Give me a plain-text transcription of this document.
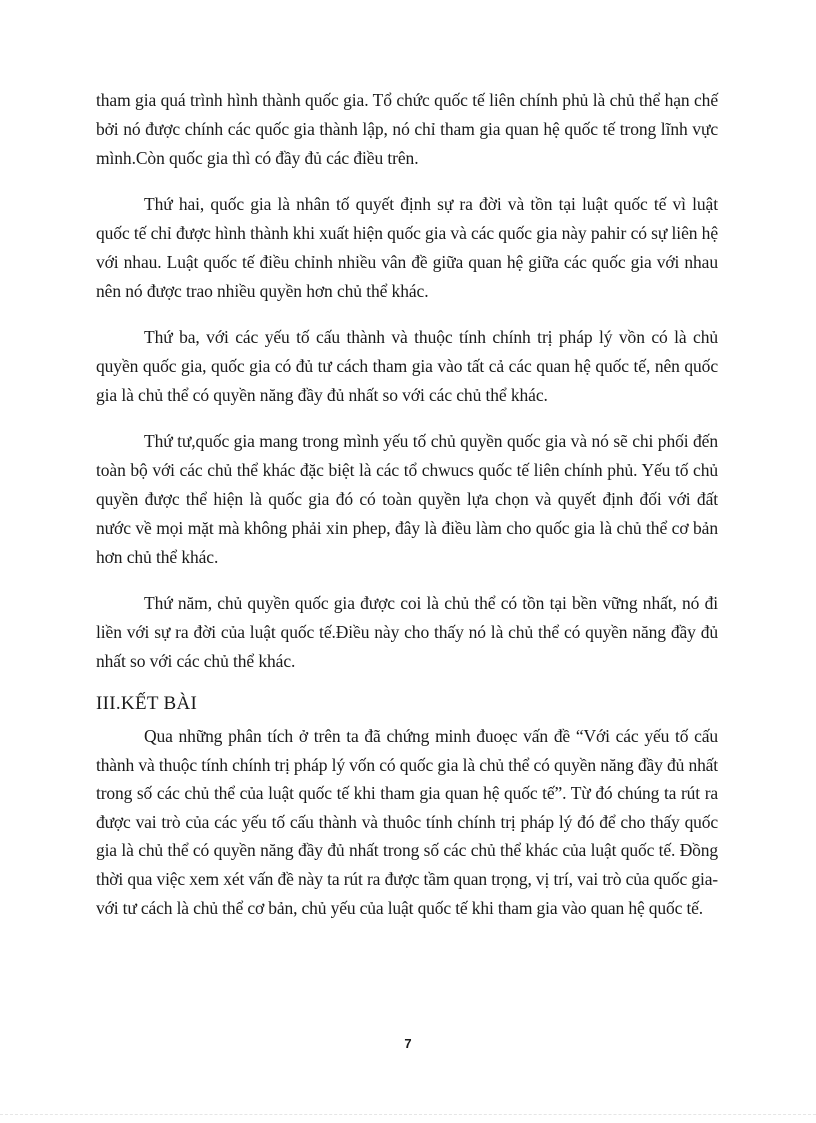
tham gia quá trình hình thành quốc gia. Tổ chức quốc tế liên chính phủ là chủ thể hạn chế bởi nó được chính các quốc gia thành lập, nó chỉ tham gia quan hệ quốc tế trong lĩnh vực mình.Còn quốc gia thì có đầy đủ các điều trên.

Thứ hai, quốc gia là nhân tố quyết định sự ra đời và tồn tại luật quốc tế vì luật quốc tế chỉ được hình thành khi xuất hiện quốc gia và các quốc gia này pahir có sự liên hệ với nhau. Luật quốc tế điều chỉnh nhiều vân đề giữa quan hệ giữa các quốc gia với nhau nên nó được trao nhiều quyền hơn chủ thể khác.

Thứ ba, với các yếu tố cấu thành và thuộc tính chính trị pháp lý vồn có là chủ quyền quốc gia, quốc gia có đủ tư cách tham gia vào tất cả các quan hệ quốc tế, nên quốc gia là chủ thể có quyền năng đầy đủ nhất so với các chủ thể khác.

Thứ tư,quốc gia mang trong mình yếu tố chủ quyền quốc gia và nó sẽ chi phối đến toàn bộ với các chủ thể khác đặc biệt là các tổ chwucs quốc tế liên chính phủ. Yếu tố chủ quyền được thể hiện là quốc gia đó có toàn quyền lựa chọn và quyết định đối với đất nước về mọi mặt mà không phải xin phep, đây là điều làm cho quốc gia là chủ thể cơ bản hơn chủ thể khác.

Thứ năm, chủ quyền quốc gia được coi là chủ thể có tồn tại bền vững nhất, nó đi liền với sự ra đời của luật quốc tế.Điều này cho thấy nó là chủ thể có quyền năng đầy đủ nhất so với các chủ thể khác.

III.KẾT BÀI

Qua những phân tích ở trên ta đã chứng minh đuoẹc vấn đề “Với các yếu tố cấu thành và thuộc tính chính trị pháp lý vốn có quốc gia là chủ thể có quyền năng đầy đủ nhất trong số các chủ thể của luật quốc tế khi tham gia quan hệ quốc tế”. Từ đó chúng ta rút ra được vai trò của các yếu tố cấu thành và thuôc tính chính trị pháp lý đó để cho thấy quốc gia là chủ thể có quyền năng đầy đủ nhất trong số các chủ thể khác của luật quốc tế. Đồng thời qua việc xem xét vấn đề này ta rút ra được tầm quan trọng, vị trí, vai trò của quốc gia- với tư cách là chủ thể cơ bản, chủ yếu của luật quốc tế khi tham gia vào quan hệ quốc tế.

7
